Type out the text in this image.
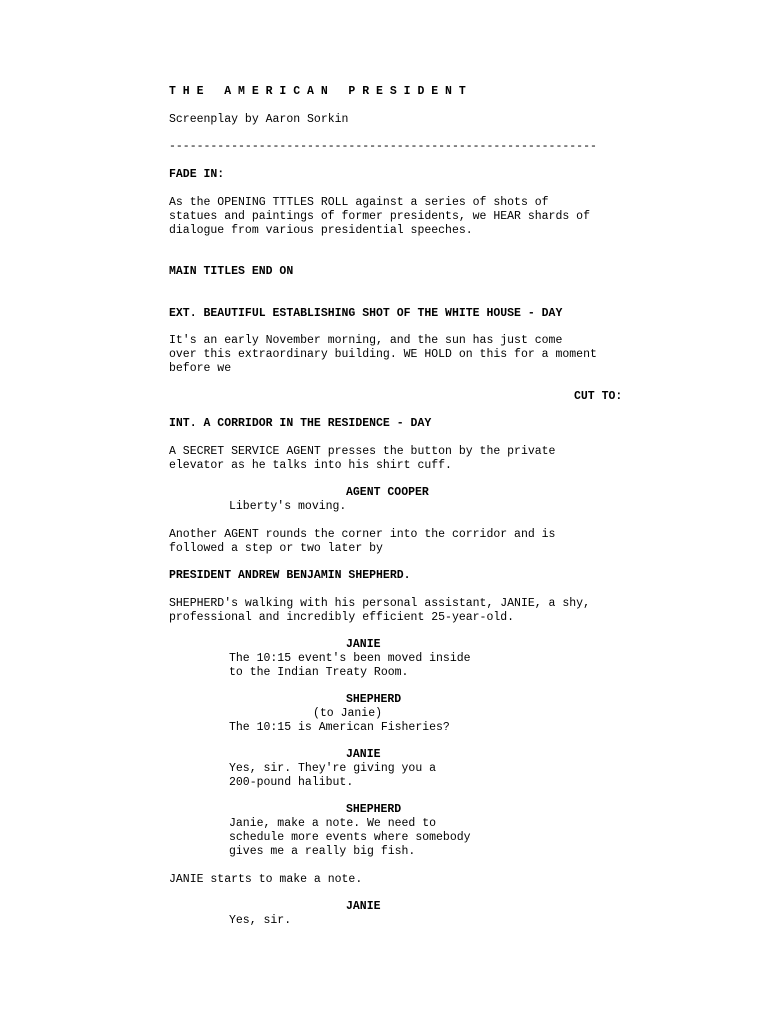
T H E   A M E R I C A N   P R E S I D E N T
Screenplay by Aaron Sorkin
--------------------------------------------------------------
FADE IN:
As the OPENING TTTLES ROLL against a series of shots of
statues and paintings of former presidents, we HEAR shards of
dialogue from various presidential speeches.
MAIN TITLES END ON
EXT. BEAUTIFUL ESTABLISHING SHOT OF THE WHITE HOUSE - DAY
It's an early November morning, and the sun has just come
over this extraordinary building. WE HOLD on this for a moment
before we
CUT TO:
INT. A CORRIDOR IN THE RESIDENCE - DAY
A SECRET SERVICE AGENT presses the button by the private
elevator as he talks into his shirt cuff.
AGENT COOPER
Liberty's moving.
Another AGENT rounds the corner into the corridor and is
followed a step or two later by
PRESIDENT ANDREW BENJAMIN SHEPHERD.
SHEPHERD's walking with his personal assistant, JANIE, a shy,
professional and incredibly efficient 25-year-old.
JANIE
The 10:15 event's been moved inside
to the Indian Treaty Room.
SHEPHERD
(to Janie)
The 10:15 is American Fisheries?
JANIE
Yes, sir. They're giving you a
200-pound halibut.
SHEPHERD
Janie, make a note. We need to
schedule more events where somebody
gives me a really big fish.
JANIE starts to make a note.
JANIE
Yes, sir.
